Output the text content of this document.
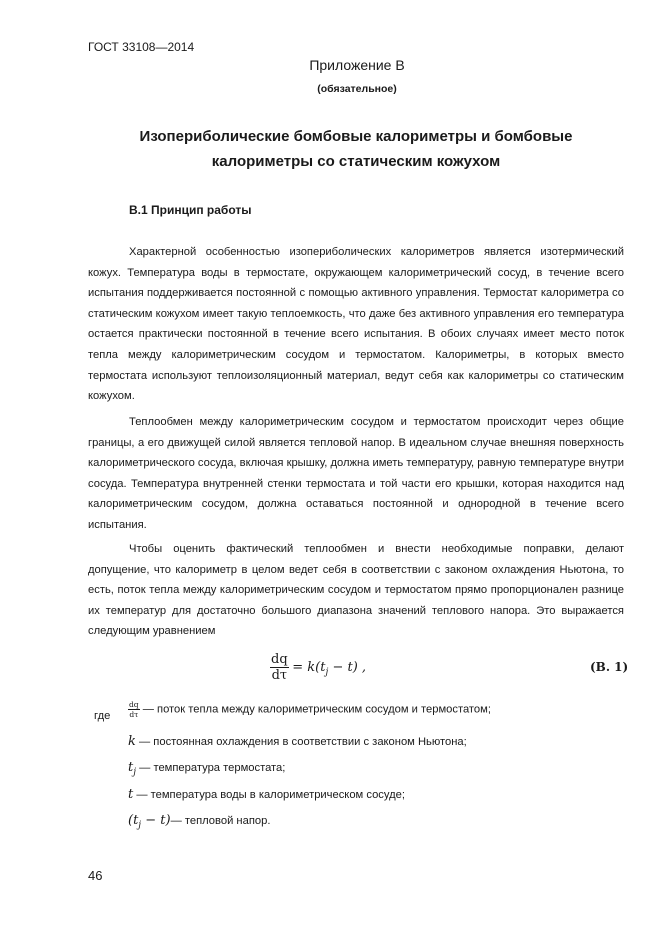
ГОСТ 33108—2014
Приложение В
(обязательное)
Изопериболические бомбовые калориметры и бомбовые
калориметры со статическим кожухом
В.1 Принцип работы

Характерной особенностью изопериболических калориметров является изотермический кожух. Температура воды в термостате, окружающем калориметрический сосуд, в течение всего испытания поддерживается постоянной с помощью активного управления. Термостат калориметра со статическим кожухом имеет такую теплоемкость, что даже без активного управления его температура остается практически постоянной в течение всего испытания. В обоих случаях имеет место поток тепла между калориметрическим сосудом и термостатом. Калориметры, в которых вместо термостата используют теплоизоляционный материал, ведут себя как калориметры со статическим кожухом.

Теплообмен между калориметрическим сосудом и термостатом происходит через общие границы, а его движущей силой является тепловой напор. В идеальном случае внешняя поверхность калориметрического сосуда, включая крышку, должна иметь температуру, равную температуре внутри сосуда. Температура внутренней стенки термостата и той части его крышки, которая находится над калориметрическим сосудом, должна оставаться постоянной и однородной в течение всего испытания.

Чтобы оценить фактический теплообмен и внести необходимые поправки, делают допущение, что калориметр в целом ведет себя в соответствии с законом охлаждения Ньютона, то есть, поток тепла между калориметрическим сосудом и термостатом прямо пропорционален разнице их температур для достаточно большого диапазона значений теплового напора. Это выражается следующим уравнением

$\frac{dq}{d\tau} = k(t_j - t)$ ,	(В. 1)
где $\frac{dq}{d\tau}$ — поток тепла между калориметрическим сосудом и термостатом;
k — постоянная охлаждения в соответствии с законом Ньютона;
$t_j$ — температура термостата;
t — температура воды в калориметрическом сосуде;
($t_j$ − t)— тепловой напор.
46
